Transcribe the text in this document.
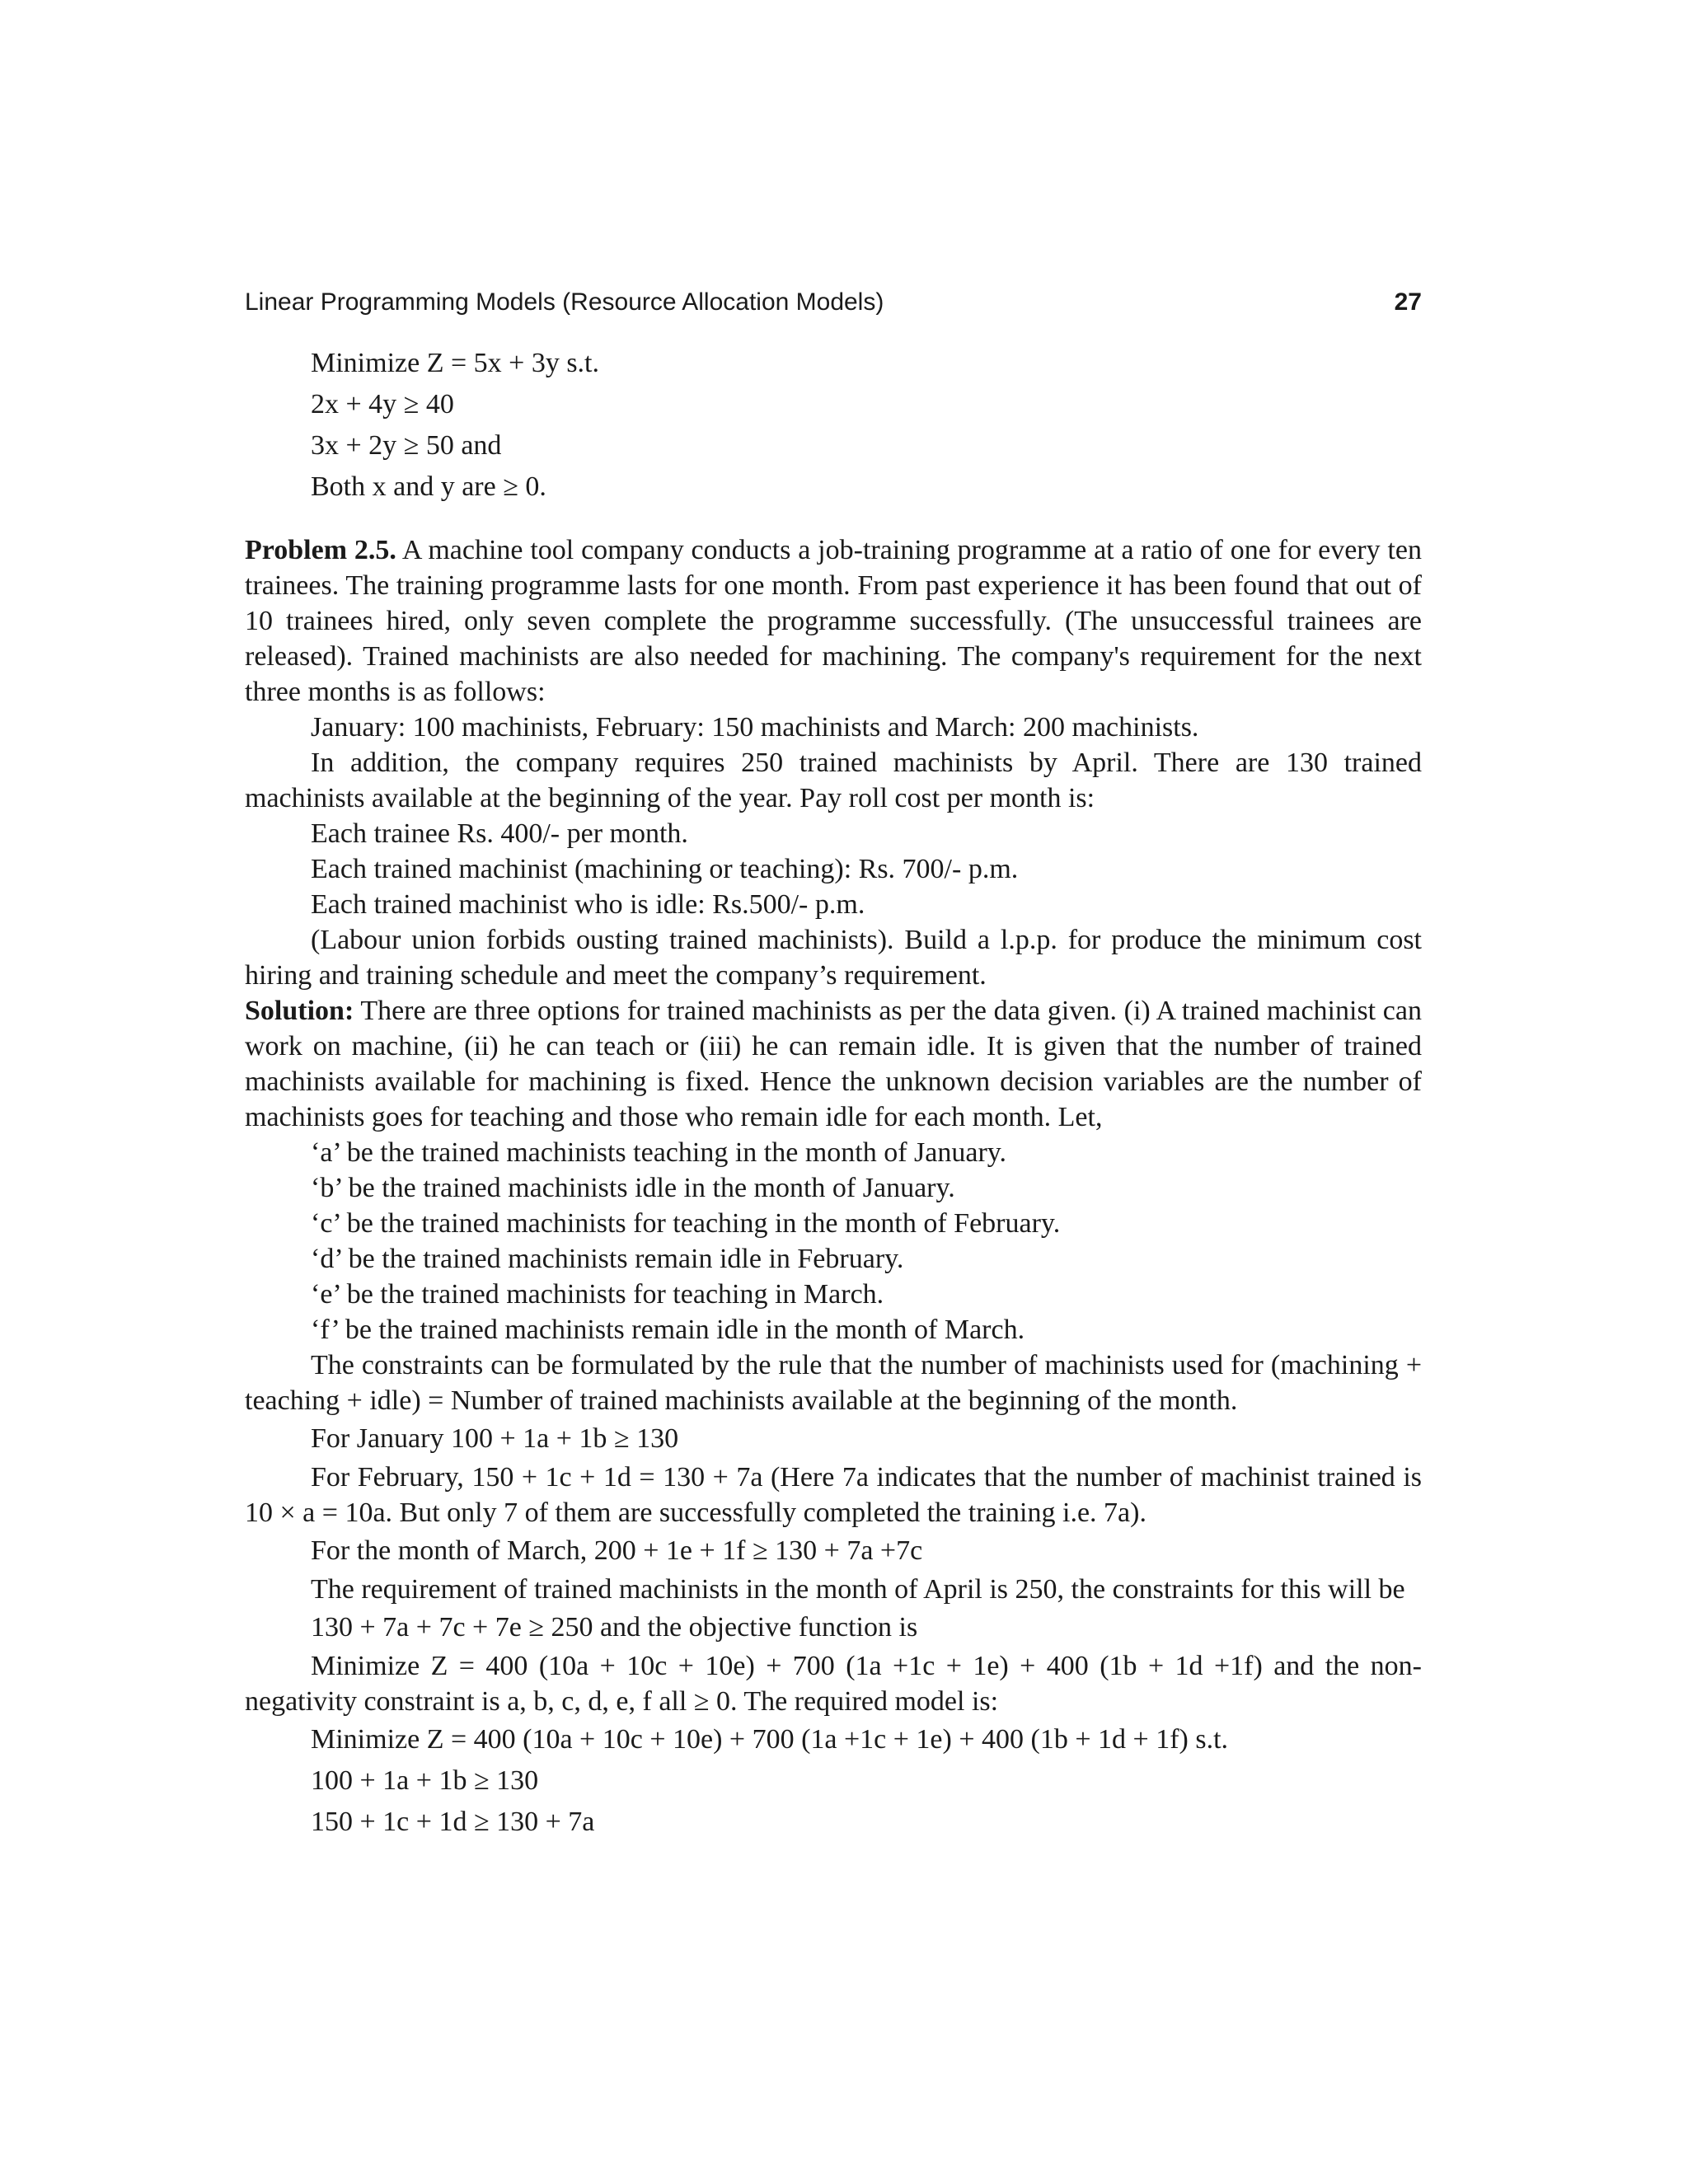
Linear Programming Models (Resource Allocation Models)	27

Minimize Z = 5x + 3y s.t.

2x + 4y ≥ 40

3x + 2y ≥ 50 and

Both x and y are ≥ 0.

Problem 2.5. A machine tool company conducts a job-training programme at a ratio of one for every ten trainees. The training programme lasts for one month. From past experience it has been found that out of 10 trainees hired, only seven complete the programme successfully. (The unsuccessful trainees are released). Trained machinists are also needed for machining. The company's requirement for the next three months is as follows:

January: 100 machinists, February: 150 machinists and March: 200 machinists.

In addition, the company requires 250 trained machinists by April. There are 130 trained machinists available at the beginning of the year. Pay roll cost per month is:

Each trainee Rs. 400/- per month.

Each trained machinist (machining or teaching): Rs. 700/- p.m.

Each trained machinist who is idle: Rs.500/- p.m.

(Labour union forbids ousting trained machinists). Build a l.p.p. for produce the minimum cost hiring and training schedule and meet the company’s requirement.

Solution: There are three options for trained machinists as per the data given. (i) A trained machinist can work on machine, (ii) he can teach or (iii) he can remain idle. It is given that the number of trained machinists available for machining is fixed. Hence the unknown decision variables are the number of machinists goes for teaching and those who remain idle for each month. Let,

‘a’ be the trained machinists teaching in the month of January.

‘b’ be the trained machinists idle in the month of January.

‘c’ be the trained machinists for teaching in the month of February.

‘d’ be the trained machinists remain idle in February.

‘e’ be the trained machinists for teaching in March.

‘f’ be the trained machinists remain idle in the month of March.

The constraints can be formulated by the rule that the number of machinists used for (machining + teaching + idle) = Number of trained machinists available at the beginning of the month.

For January 100 + 1a + 1b ≥ 130

For February, 150 + 1c + 1d = 130 + 7a (Here 7a indicates that the number of machinist trained is 10 × a = 10a. But only 7 of them are successfully completed the training i.e. 7a).

For the month of March, 200 + 1e + 1f ≥ 130 + 7a +7c

The requirement of trained machinists in the month of April is 250, the constraints for this will be

130 + 7a + 7c + 7e ≥ 250 and the objective function is

Minimize Z = 400 (10a + 10c + 10e) + 700 (1a +1c + 1e) + 400 (1b + 1d +1f) and the non-negativity constraint is a, b, c, d, e, f all ≥ 0. The required model is:

Minimize Z = 400 (10a + 10c + 10e) + 700 (1a +1c + 1e) + 400 (1b + 1d + 1f) s.t.

100 + 1a + 1b ≥ 130

150 + 1c + 1d ≥ 130 + 7a
